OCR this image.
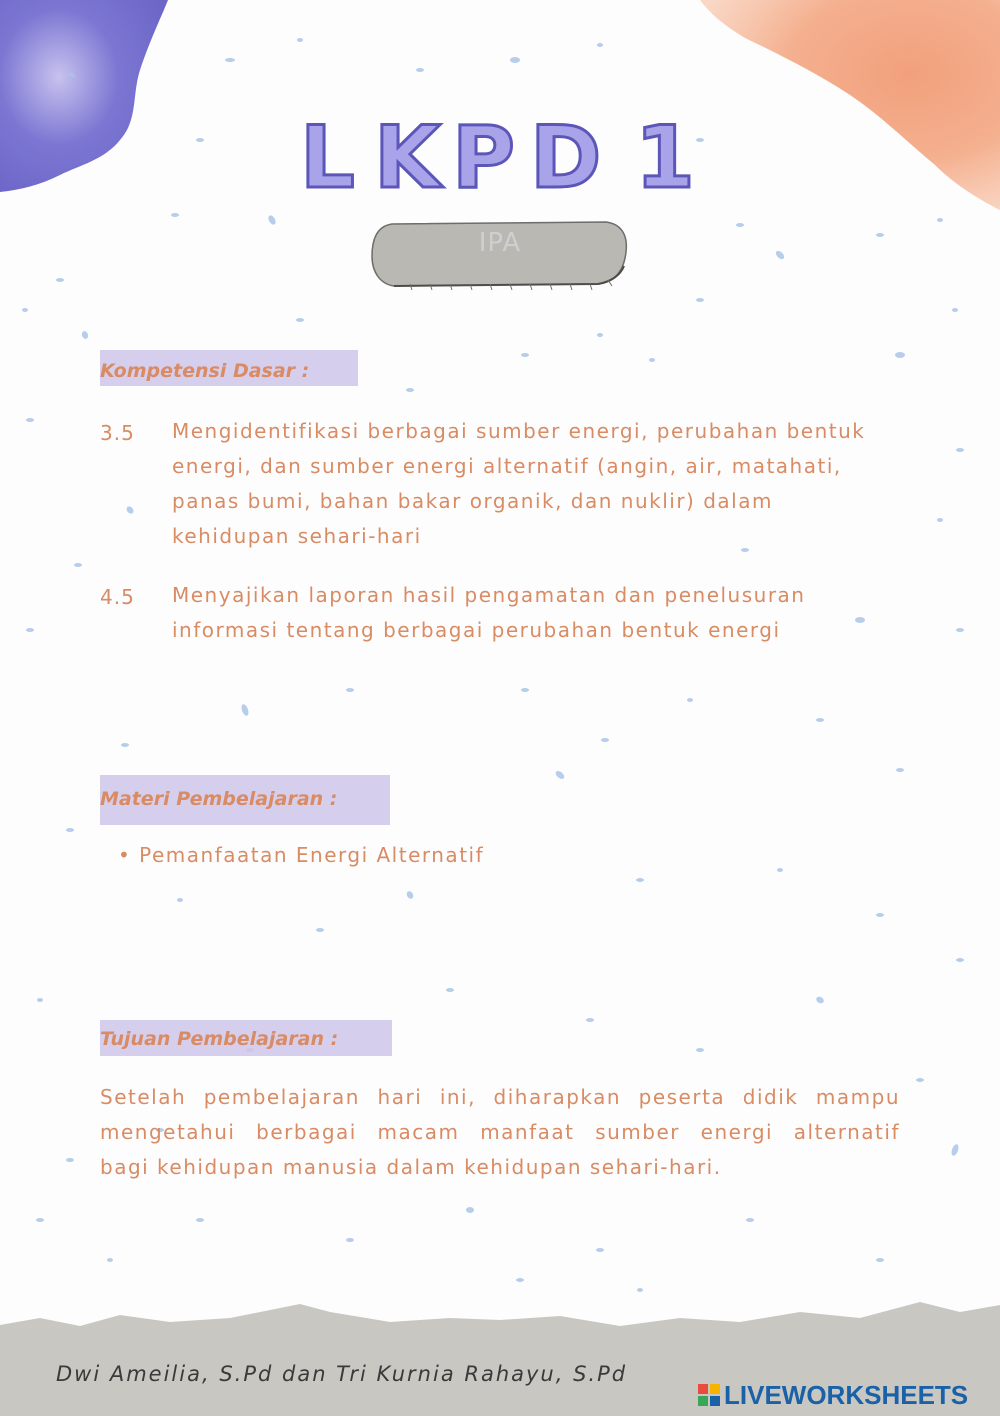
L K P D 1
IPA
Kompetensi Dasar :
3.5 Mengidentifikasi berbagai sumber energi, perubahan bentuk
energi, dan sumber energi alternatif (angin, air, matahati,
panas bumi, bahan bakar organik, dan nuklir) dalam
kehidupan sehari-hari
4.5 Menyajikan laporan hasil pengamatan dan penelusuran
informasi tentang berbagai perubahan bentuk energi
Materi Pembelajaran :
• Pemanfaatan Energi Alternatif
Tujuan Pembelajaran :
Setelah pembelajaran hari ini, diharapkan peserta didik mampu
mengetahui berbagai macam manfaat sumber energi alternatif
bagi kehidupan manusia dalam kehidupan sehari-hari.
Dwi Ameilia, S.Pd dan Tri Kurnia Rahayu, S.Pd
LIVEWORKSHEETS
